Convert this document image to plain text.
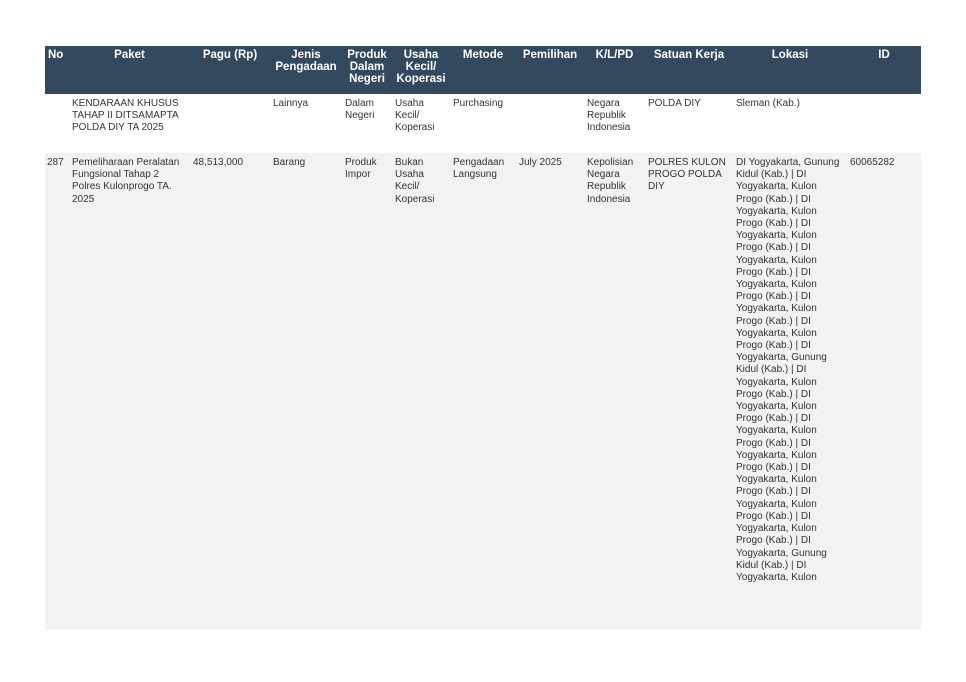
No	Paket	Pagu (Rp)	Jenis Pengadaan	Produk Dalam Negeri	Usaha Kecil/ Koperasi	Metode	Pemilihan	K/L/PD	Satuan Kerja	Lokasi	ID
	KENDARAAN KHUSUS TAHAP II DITSAMAPTA POLDA DIY TA 2025		Lainnya	Dalam Negeri	Usaha Kecil/ Koperasi	Purchasing		Negara Republik Indonesia	POLDA DIY	Sleman (Kab.)	
287	Pemeliharaan Peralatan Fungsional Tahap 2 Polres Kulonprogo TA. 2025	48,513,000	Barang	Produk Impor	Bukan Usaha Kecil/ Koperasi	Pengadaan Langsung	July 2025	Kepolisian Negara Republik Indonesia	POLRES KULON PROGO POLDA DIY	DI Yogyakarta, Gunung Kidul (Kab.) | DI Yogyakarta, Kulon Progo (Kab.) | DI Yogyakarta, Kulon Progo (Kab.) | DI Yogyakarta, Kulon Progo (Kab.) | DI Yogyakarta, Kulon Progo (Kab.) | DI Yogyakarta, Kulon Progo (Kab.) | DI Yogyakarta, Kulon Progo (Kab.) | DI Yogyakarta, Kulon Progo (Kab.) | DI Yogyakarta, Gunung Kidul (Kab.) | DI Yogyakarta, Kulon Progo (Kab.) | DI Yogyakarta, Kulon Progo (Kab.) | DI Yogyakarta, Kulon Progo (Kab.) | DI Yogyakarta, Kulon Progo (Kab.) | DI Yogyakarta, Kulon Progo (Kab.) | DI Yogyakarta, Kulon Progo (Kab.) | DI Yogyakarta, Kulon Progo (Kab.) | DI Yogyakarta, Gunung Kidul (Kab.) | DI Yogyakarta, Kulon	60065282
